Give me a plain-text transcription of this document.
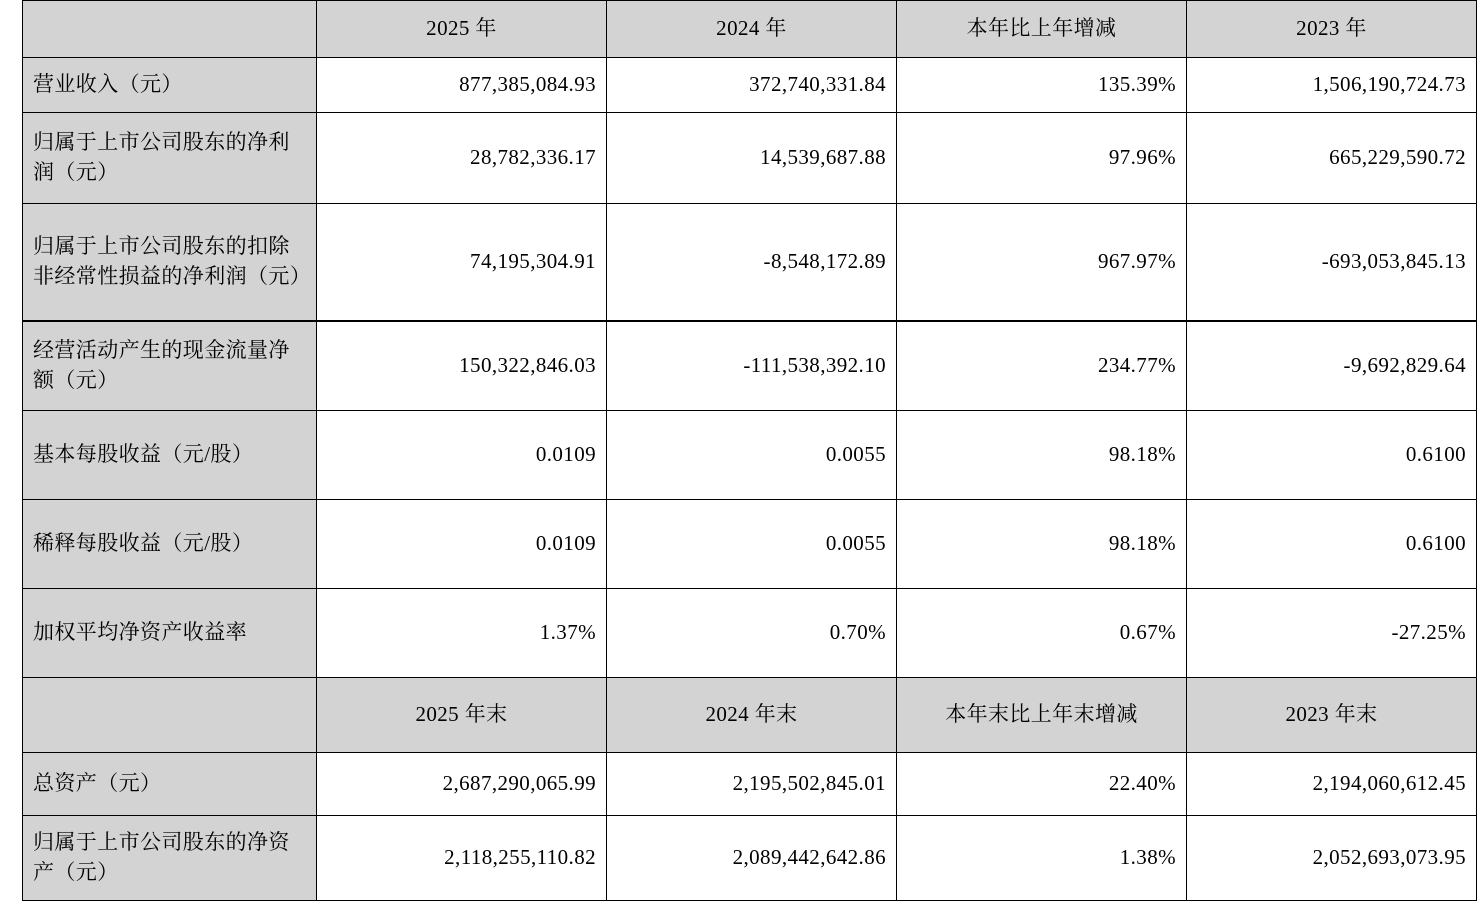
	2025 年	2024 年	本年比上年增减	2023 年
营业收入（元）	877,385,084.93	372,740,331.84	135.39%	1,506,190,724.73
归属于上市公司股东的净利润（元）	28,782,336.17	14,539,687.88	97.96%	665,229,590.72
归属于上市公司股东的扣除非经常性损益的净利润（元）	74,195,304.91	-8,548,172.89	967.97%	-693,053,845.13
经营活动产生的现金流量净额（元）	150,322,846.03	-111,538,392.10	234.77%	-9,692,829.64
基本每股收益（元/股）	0.0109	0.0055	98.18%	0.6100
稀释每股收益（元/股）	0.0109	0.0055	98.18%	0.6100
加权平均净资产收益率	1.37%	0.70%	0.67%	-27.25%
	2025 年末	2024 年末	本年末比上年末增减	2023 年末
总资产（元）	2,687,290,065.99	2,195,502,845.01	22.40%	2,194,060,612.45
归属于上市公司股东的净资产（元）	2,118,255,110.82	2,089,442,642.86	1.38%	2,052,693,073.95
